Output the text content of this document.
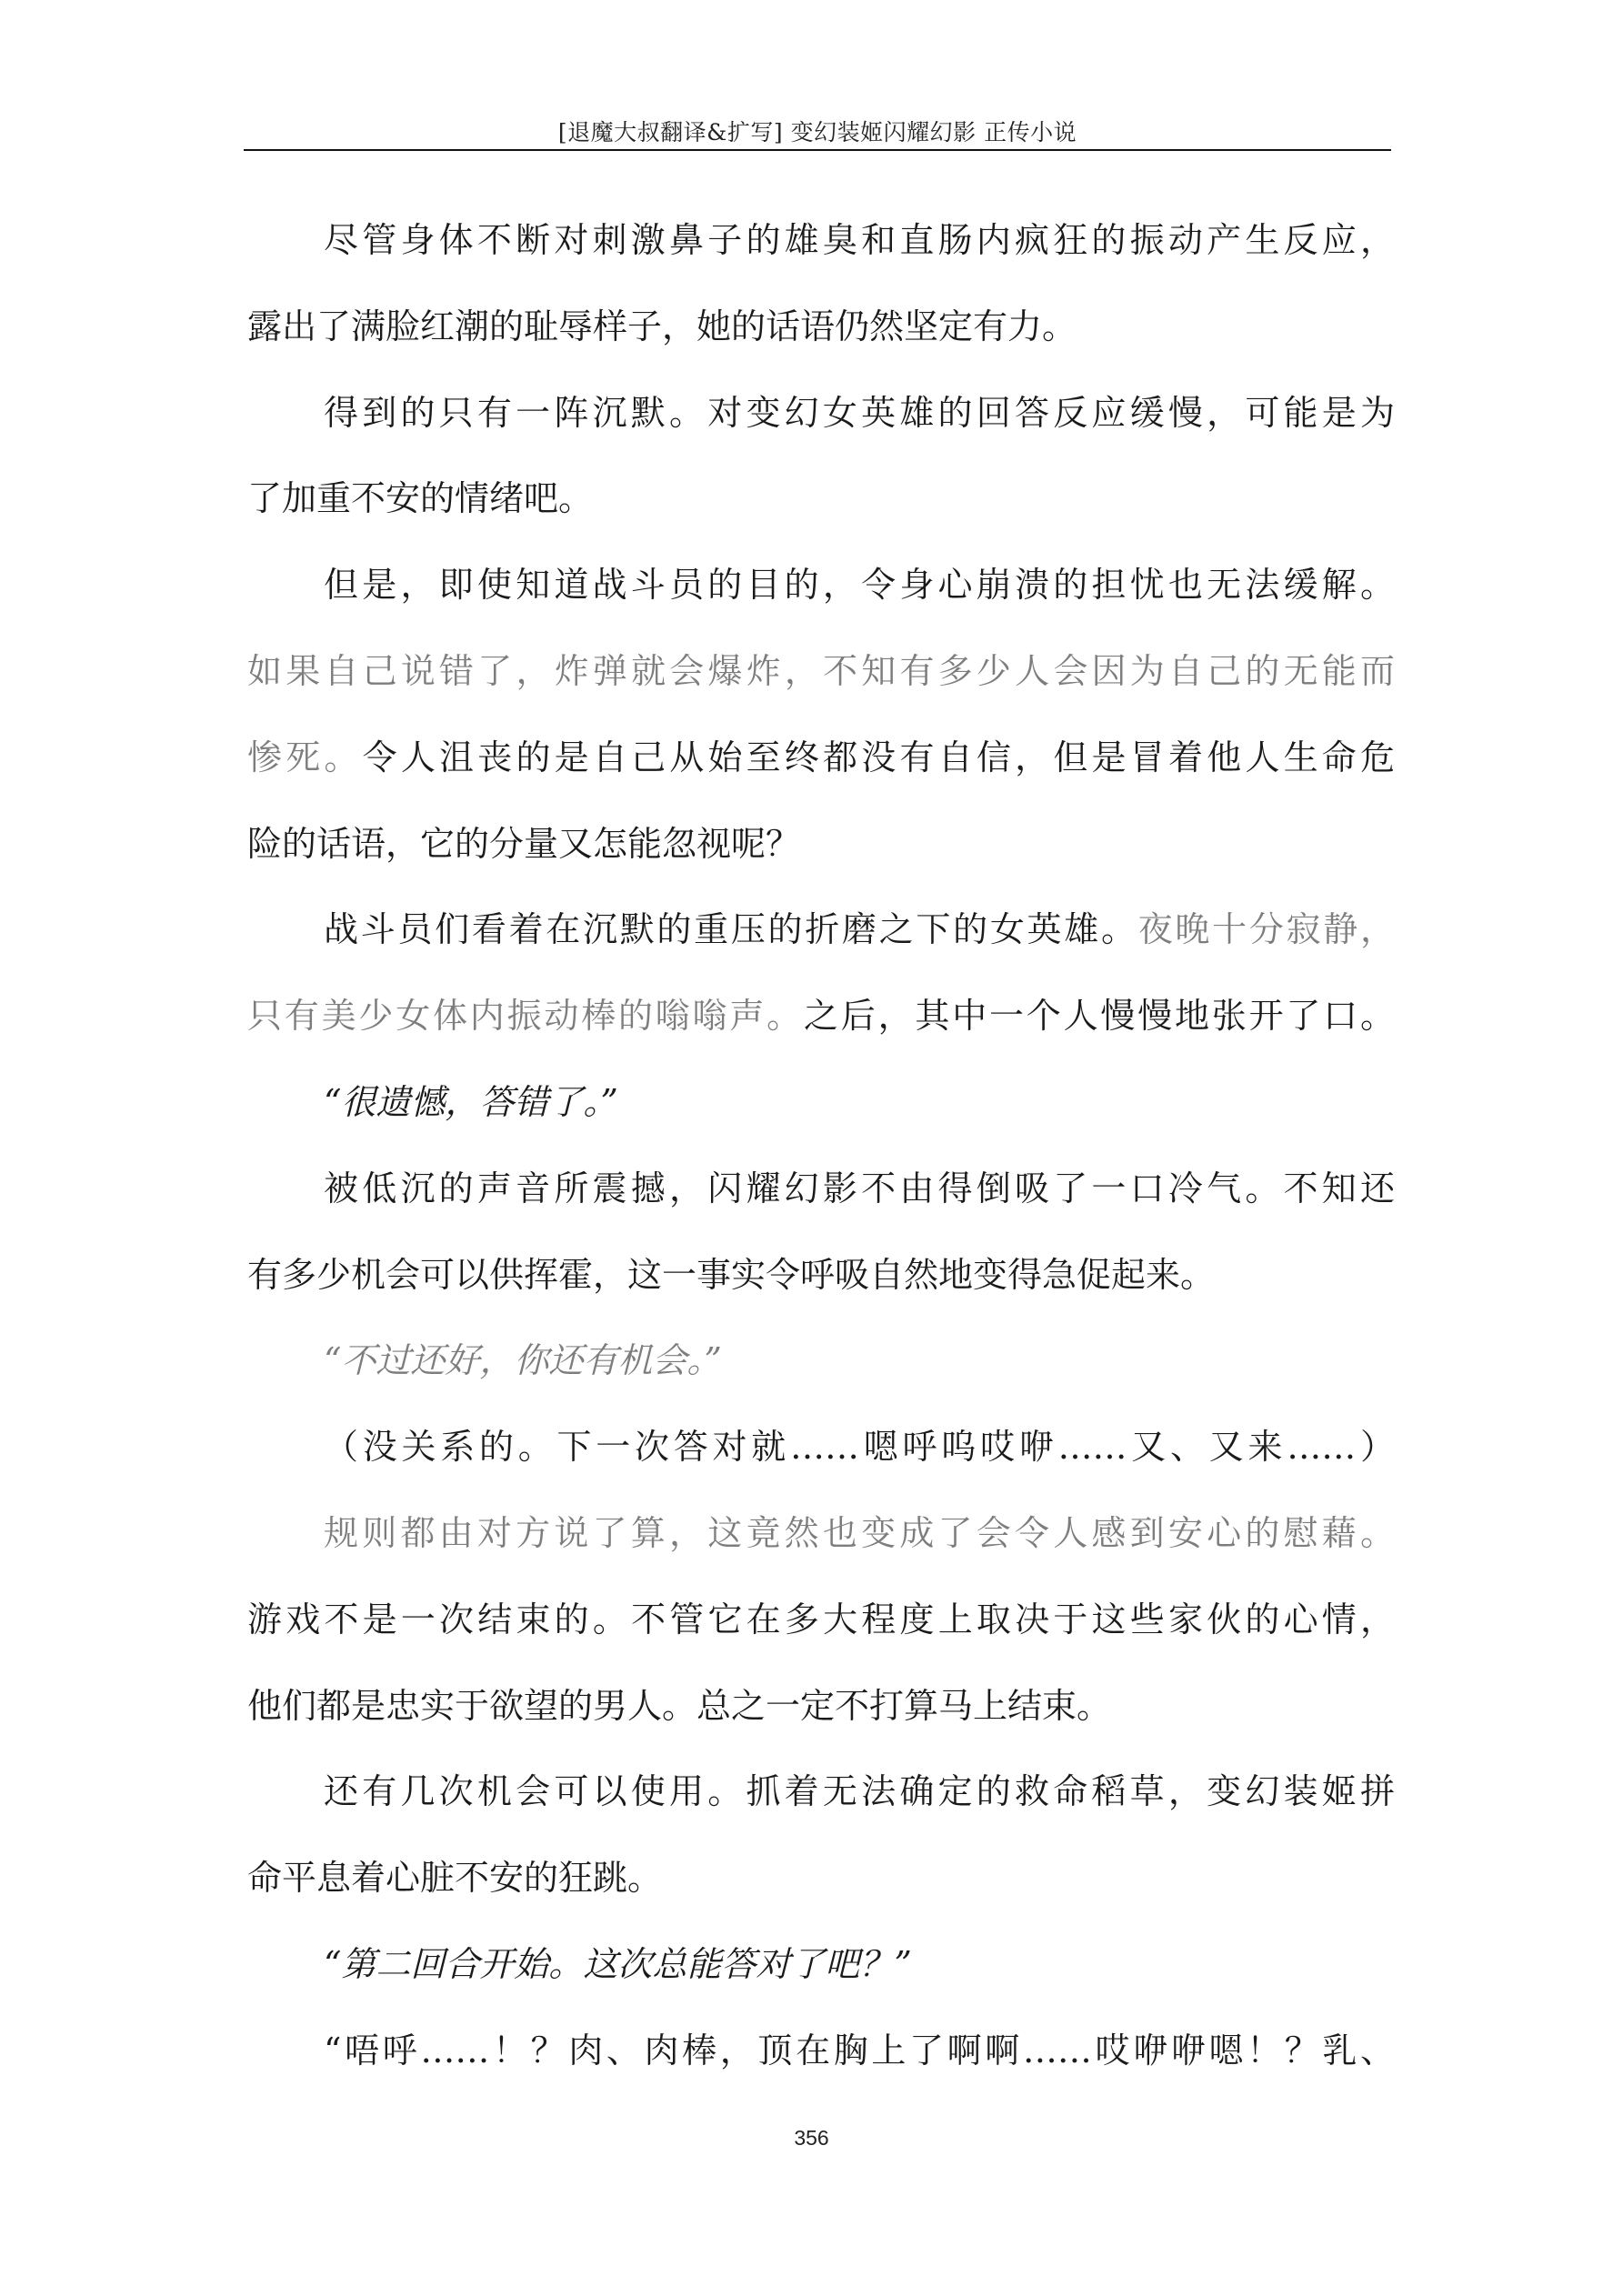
[退魔大叔翻译&扩写] 变幻装姬闪耀幻影 正传小说
尽管身体不断对刺激鼻子的雄臭和直肠内疯狂的振动产生反应，
露出了满脸红潮的耻辱样子，她的话语仍然坚定有力。
得到的只有一阵沉默。对变幻女英雄的回答反应缓慢，可能是为
了加重不安的情绪吧。
但是，即使知道战斗员的目的，令身心崩溃的担忧也无法缓解。
如果自己说错了，炸弹就会爆炸，不知有多少人会因为自己的无能而
惨死。令人沮丧的是自己从始至终都没有自信，但是冒着他人生命危
险的话语，它的分量又怎能忽视呢？
战斗员们看着在沉默的重压的折磨之下的女英雄。夜晚十分寂静，
只有美少女体内振动棒的嗡嗡声。之后，其中一个人慢慢地张开了口。
“很遗憾，答错了。”
被低沉的声音所震撼，闪耀幻影不由得倒吸了一口冷气。不知还
有多少机会可以供挥霍，这一事实令呼吸自然地变得急促起来。
“不过还好，你还有机会。”
（没关系的。下一次答对就……嗯呼呜哎咿……又、又来……）
规则都由对方说了算，这竟然也变成了会令人感到安心的慰藉。
游戏不是一次结束的。不管它在多大程度上取决于这些家伙的心情，
他们都是忠实于欲望的男人。总之一定不打算马上结束。
还有几次机会可以使用。抓着无法确定的救命稻草，变幻装姬拼
命平息着心脏不安的狂跳。
“第二回合开始。这次总能答对了吧？”
“唔呼……！？肉、肉棒，顶在胸上了啊啊……哎咿咿嗯！？乳、
356
